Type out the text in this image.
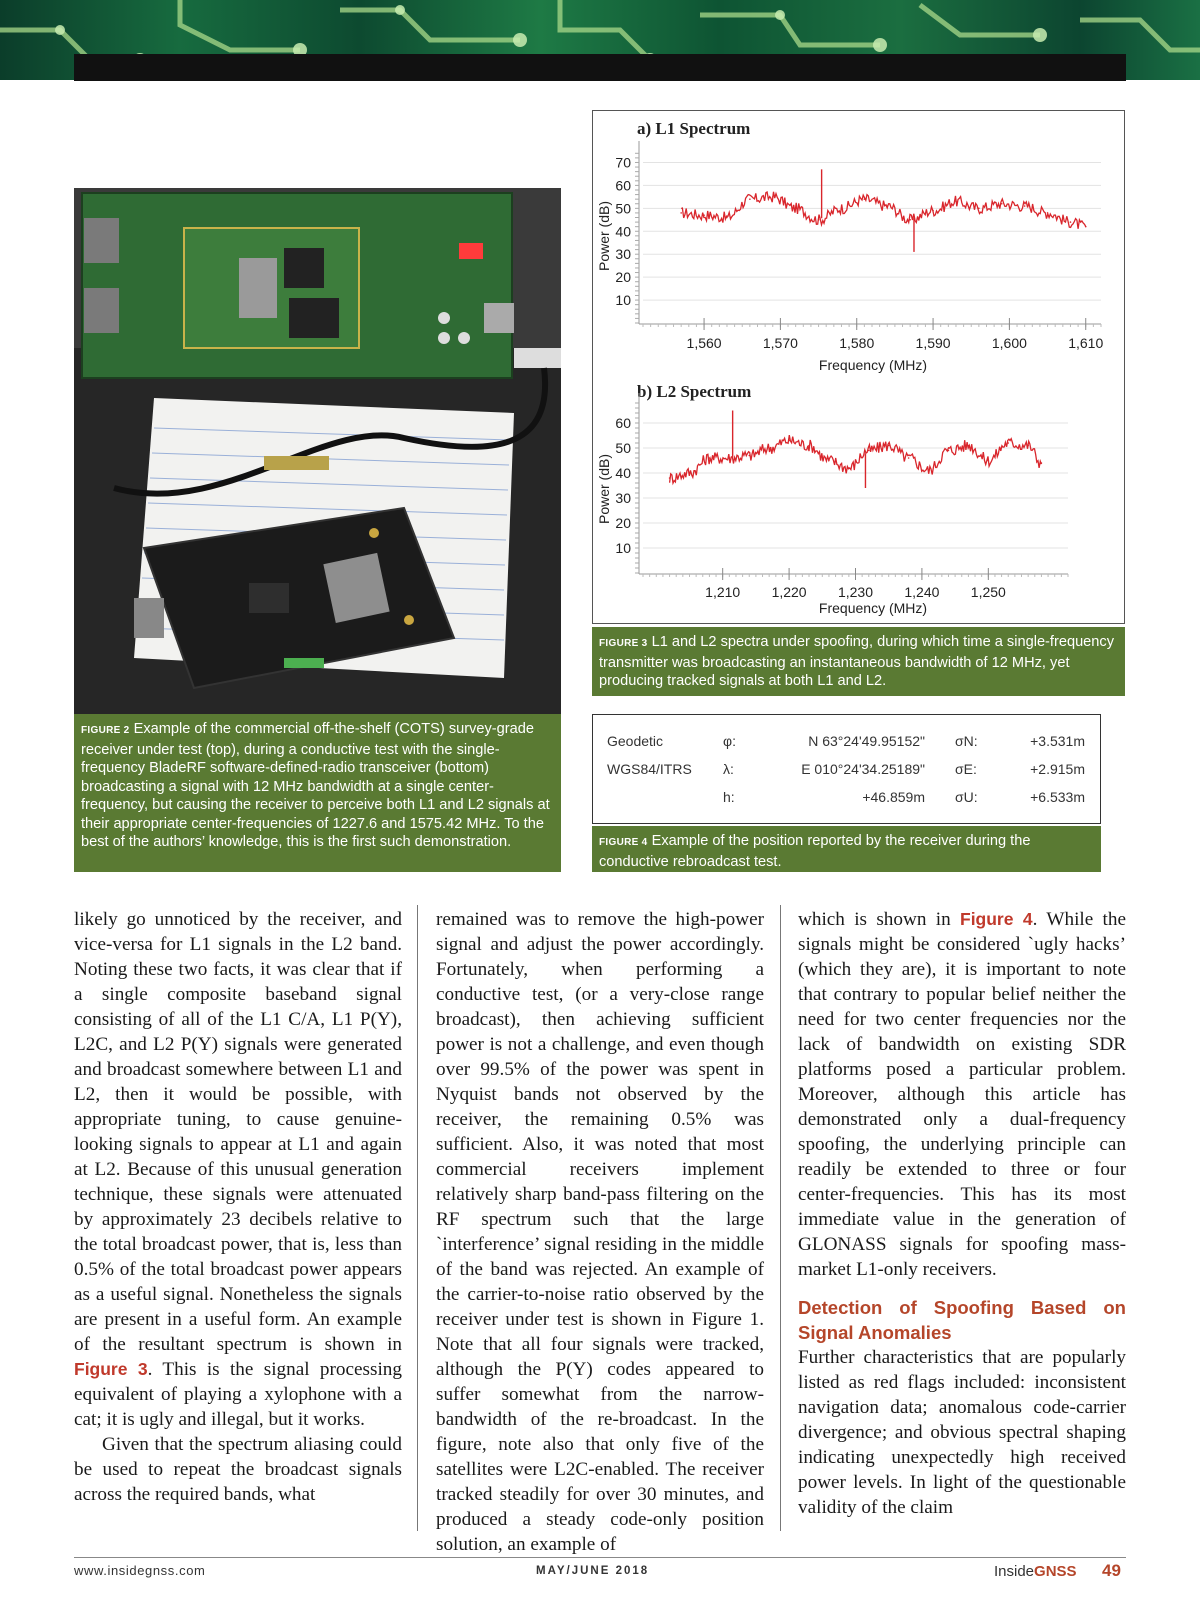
FIGURE 2 Example of the commercial off-the-shelf (COTS) survey-grade receiver under test (top), during a conductive test with the single-frequency BladeRF software-defined-radio transceiver (bottom) broadcasting a signal with 12 MHz bandwidth at a single center-frequency, but causing the receiver to perceive both L1 and L2 signals at their appropriate center-frequencies of 1227.6 and 1575.42 MHz. To the best of the authors’ knowledge, this is the first such demonstration.
a) L1 Spectrum
Power (dB)
Frequency (MHz)
10
20
30
40
50
60
70
1,560	1,570	1,580	1,590	1,600	1,610
b) L2 Spectrum
Power (dB)
Frequency (MHz)
10
20
30
40
50
60
1,210 1,220 1,230 1,240 1,250
FIGURE 3 L1 and L2 spectra under spoofing, during which time a single-frequency transmitter was broadcasting an instantaneous bandwidth of 12 MHz, yet producing tracked signals at both L1 and L2.
Geodetic	φ:	N 63°24'49.95152"	σN:	+3.531m
WGS84/ITRS	λ:	E 010°24'34.25189"	σE:	+2.915m
	h:	+46.859m	σU:	+6.533m
FIGURE 4 Example of the position reported by the receiver during the conductive rebroadcast test.

likely go unnoticed by the receiver, and vice-versa for L1 signals in the L2 band. Noting these two facts, it was clear that if a single composite baseband signal consisting of all of the L1 C/A, L1 P(Y), L2C, and L2 P(Y) signals were generated and broadcast somewhere between L1 and L2, then it would be possible, with appropriate tuning, to cause genuine-looking signals to appear at L1 and again at L2. Because of this unusual generation technique, these signals were attenuated by approximately 23 decibels relative to the total broadcast power, that is, less than 0.5% of the total broadcast power appears as a useful signal. Nonetheless the signals are present in a useful form. An example of the resultant spectrum is shown in Figure 3. This is the signal processing equivalent of playing a xylophone with a cat; it is ugly and illegal, but it works.

Given that the spectrum aliasing could be used to repeat the broadcast signals across the required bands, what

remained was to remove the high-power signal and adjust the power accordingly. Fortunately, when performing a conductive test, (or a very-close range broadcast), then achieving sufficient power is not a challenge, and even though over 99.5% of the power was spent in Nyquist bands not observed by the receiver, the remaining 0.5% was sufficient. Also, it was noted that most commercial receivers implement relatively sharp band-pass filtering on the RF spectrum such that the large `interference’ signal residing in the middle of the band was rejected. An example of the carrier-to-noise ratio observed by the receiver under test is shown in Figure 1. Note that all four signals were tracked, although the P(Y) codes appeared to suffer somewhat from the narrow-bandwidth of the re-broadcast. In the figure, note also that only five of the satellites were L2C-enabled. The receiver tracked steadily for over 30 minutes, and produced a steady code-only position solution, an example of

which is shown in Figure 4. While the signals might be considered `ugly hacks’ (which they are), it is important to note that contrary to popular belief neither the need for two center frequencies nor the lack of bandwidth on existing SDR platforms posed a particular problem. Moreover, although this article has demonstrated only a dual-frequency spoofing, the underlying principle can readily be extended to three or four center-frequencies. This has its most immediate value in the generation of GLONASS signals for spoofing mass-market L1-only receivers.

Detection of Spoofing Based on Signal Anomalies

Further characteristics that are popularly listed as red flags included: inconsistent navigation data; anomalous code-carrier divergence; and obvious spectral shaping indicating unexpectedly high received power levels. In light of the questionable validity of the claim

www.insidegnss.com	MAY/JUNE 2018	InsideGNSS 49
